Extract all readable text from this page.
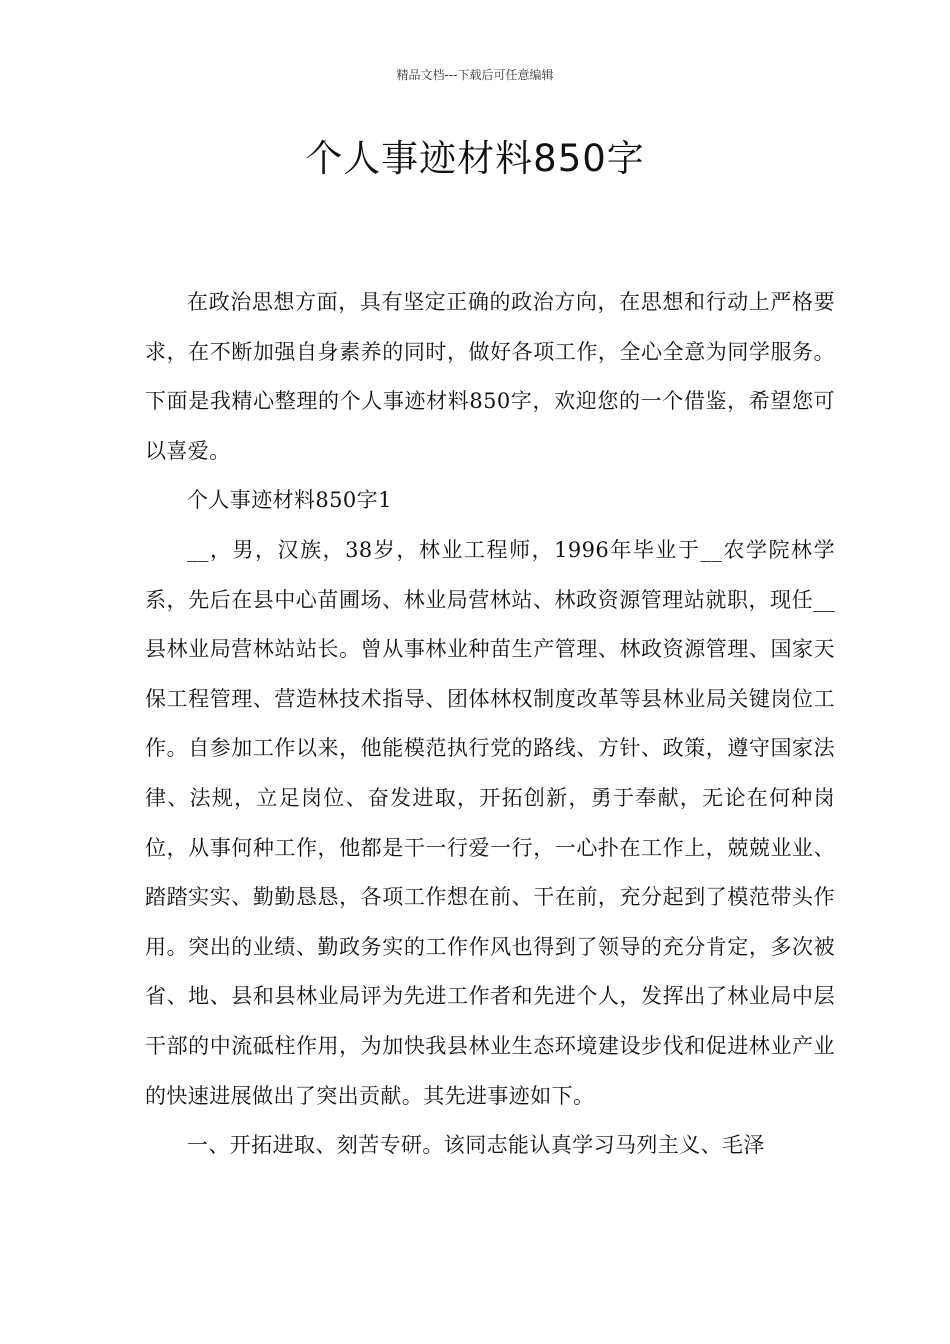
精品文档---下载后可任意编辑
个人事迹材料850字

在政治思想方面，具有坚定正确的政治方向，在思想和行动上严格要求，在不断加强自身素养的同时，做好各项工作，全心全意为同学服务。下面是我精心整理的个人事迹材料850字，欢迎您的一个借鉴，希望您可以喜爱。

个人事迹材料850字1

__，男，汉族，38岁，林业工程师，1996年毕业于__农学院林学系，先后在县中心苗圃场、林业局营林站、林政资源管理站就职，现任__县林业局营林站站长。曾从事林业种苗生产管理、林政资源管理、国家天保工程管理、营造林技术指导、团体林权制度改革等县林业局关键岗位工作。自参加工作以来，他能模范执行党的路线、方针、政策，遵守国家法律、法规，立足岗位、奋发进取，开拓创新，勇于奉献，无论在何种岗位，从事何种工作，他都是干一行爱一行，一心扑在工作上，兢兢业业、踏踏实实、勤勤恳恳，各项工作想在前、干在前，充分起到了模范带头作用。突出的业绩、勤政务实的工作作风也得到了领导的充分肯定，多次被省、地、县和县林业局评为先进工作者和先进个人，发挥出了林业局中层干部的中流砥柱作用，为加快我县林业生态环境建设步伐和促进林业产业的快速进展做出了突出贡献。其先进事迹如下。

一、开拓进取、刻苦专研。该同志能认真学习马列主义、毛泽
